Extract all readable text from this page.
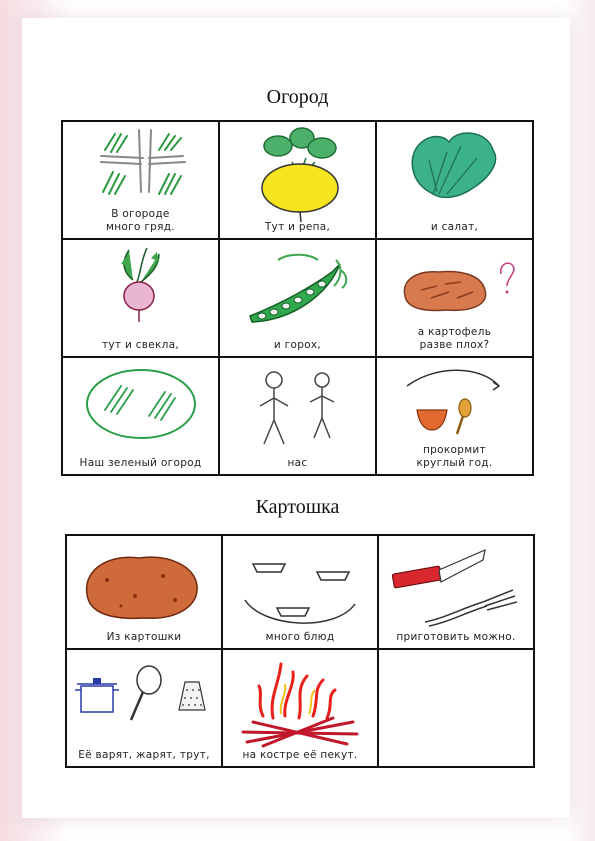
Огород
В огороде
много гряд.	Тут и репа,	и салат,

тут и свекла,	и горох,	а картофель
разве плох?

Наш зеленый огород	нас	прокормит
круглый год.
Картошка
Из картошки	много блюд	приготовить можно.

Её варят, жарят, трут,	на костре её пекут.	
